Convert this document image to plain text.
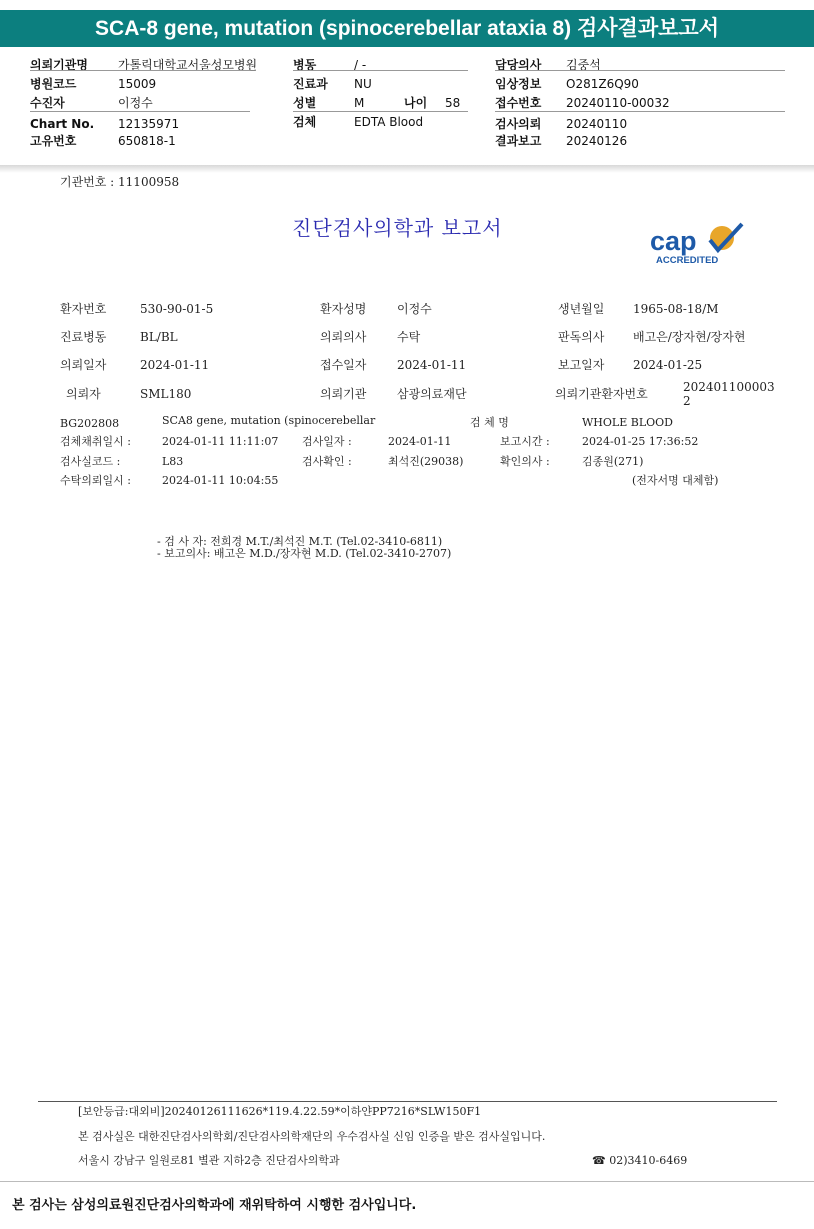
SCA-8 gene, mutation (spinocerebellar ataxia 8) 검사결과보고서
의뢰기관명	가톨릭대학교서울성모병원
병원코드	15009
수진자	이정수
Chart No. 12135971
고유번호	650818-1
병동	/ -
진료과 NU
성별	M	나이 58
검체	EDTA Blood
담당의사 김중석
임상정보 O281Z6Q90
접수번호 20240110-00032
검사의뢰 20240110
결과보고 20240126
기관번호 : 11100958
진단검사의학과 보고서	cap
ACCREDITED
환자번호	530-90-01-5	환자성명	이정수	생년월일 1965-08-18/M
진료병동	BL/BL	의뢰의사	수탁	판독의사 배고은/장자현/장자현
의뢰일자	2024-01-11	접수일자	2024-01-11	보고일자 2024-01-25
의뢰자	SML180	의뢰기관	삼광의료재단	의뢰기관환자번호	202401100003
2
BG202808	SCA8 gene, mutation (spinocerebellar	검 체 명	WHOLE BLOOD
검체채취일시 :	2024-01-11 11:11:07 검사일자 :	2024-01-11	보고시간 :	2024-01-25 17:36:52
검사실코드 :	L83	검사확인 :	최석진(29038)	확인의사 :	김종원(271)
수탁의뢰일시 :	2024-01-11 10:04:55	(전자서명 대체함)
- 검 사 자: 전희경 M.T./최석진 M.T. (Tel.02-3410-6811)
- 보고의사: 배고은 M.D./장자현 M.D. (Tel.02-3410-2707)
[보안등급:대외비]20240126111626*119.4.22.59*이하얀PP7216*SLW150F1
본 검사실은 대한진단검사의학회/진단검사의학재단의 우수검사실 신임 인증을 받은 검사실입니다.
서울시 강남구 일원로81 별관 지하2층 진단검사의학과	☎ 02)3410-6469
본 검사는 삼성의료원진단검사의학과에 재위탁하여 시행한 검사입니다.
